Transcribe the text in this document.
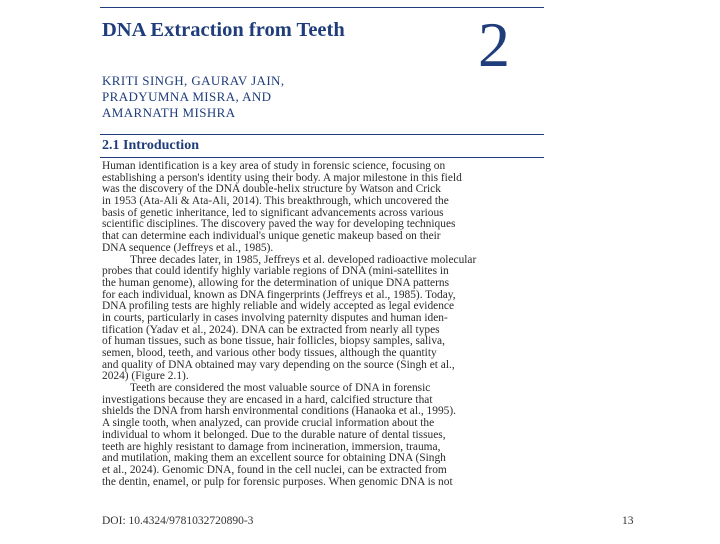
DNA Extraction from Teeth	2
KRITI SINGH, GAURAV JAIN,
PRADYUMNA MISRA, AND
AMARNATH MISHRA
2.1 Introduction
Human identification is a key area of study in forensic science, focusing on
establishing a person's identity using their body. A major milestone in this field
was the discovery of the DNA double-helix structure by Watson and Crick
in 1953 (Ata-Ali & Ata-Ali, 2014). This breakthrough, which uncovered the
basis of genetic inheritance, led to significant advancements across various
scientific disciplines. The discovery paved the way for developing techniques
that can determine each individual's unique genetic makeup based on their
DNA sequence (Jeffreys et al., 1985).
Three decades later, in 1985, Jeffreys et al. developed radioactive molecular
probes that could identify highly variable regions of DNA (mini-satellites in
the human genome), allowing for the determination of unique DNA patterns
for each individual, known as DNA fingerprints (Jeffreys et al., 1985). Today,
DNA profiling tests are highly reliable and widely accepted as legal evidence
in courts, particularly in cases involving paternity disputes and human iden-
tification (Yadav et al., 2024). DNA can be extracted from nearly all types
of human tissues, such as bone tissue, hair follicles, biopsy samples, saliva,
semen, blood, teeth, and various other body tissues, although the quantity
and quality of DNA obtained may vary depending on the source (Singh et al.,
2024) (Figure 2.1).
Teeth are considered the most valuable source of DNA in forensic
investigations because they are encased in a hard, calcified structure that
shields the DNA from harsh environmental conditions (Hanaoka et al., 1995).
A single tooth, when analyzed, can provide crucial information about the
individual to whom it belonged. Due to the durable nature of dental tissues,
teeth are highly resistant to damage from incineration, immersion, trauma,
and mutilation, making them an excellent source for obtaining DNA (Singh
et al., 2024). Genomic DNA, found in the cell nuclei, can be extracted from
the dentin, enamel, or pulp for forensic purposes. When genomic DNA is not
DOI: 10.4324/9781032720890-3	13
